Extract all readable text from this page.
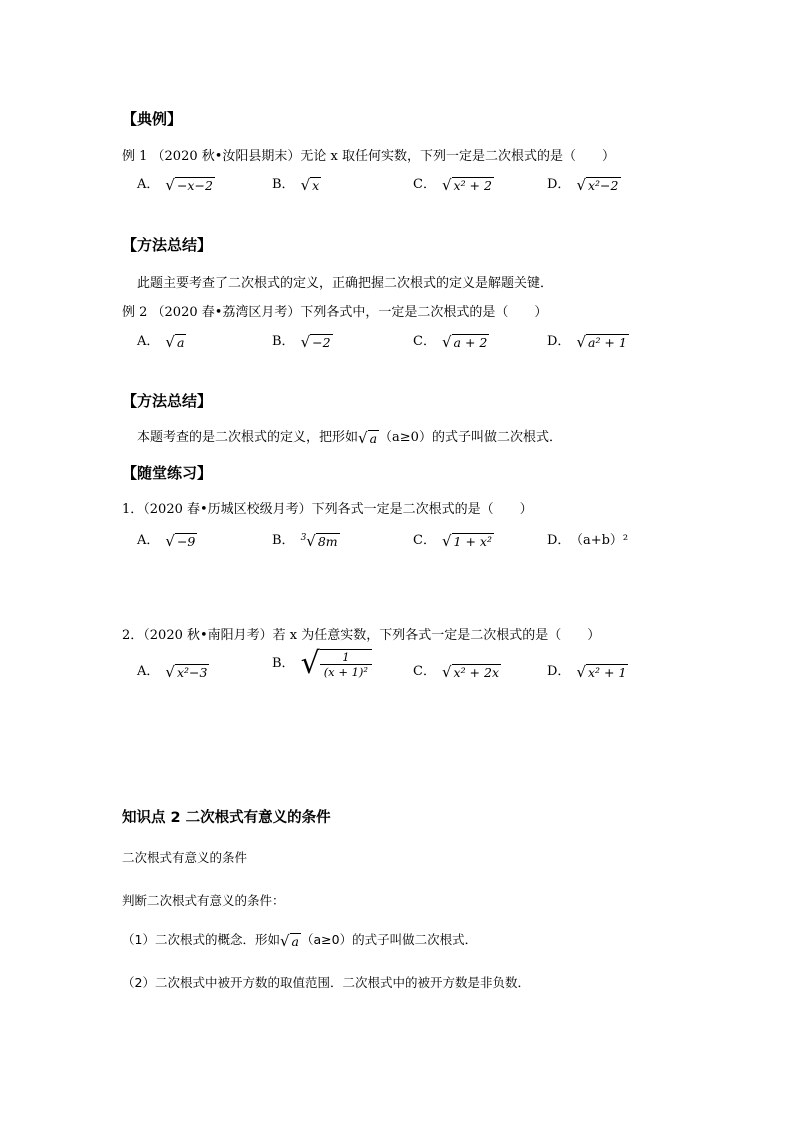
【典例】
例 1 （2020 秋•汝阳县期末）无论 x 取任何实数，下列一定是二次根式的是（　　）
A． √ −x−2	B． √ x	C． √ x² + 2	D． √ x²−2
【方法总结】
此题主要考查了二次根式的定义，正确把握二次根式的定义是解题关键．
例 2 （2020 春•荔湾区月考）下列各式中，一定是二次根式的是（　　）
A． √ a	B． √ −2	C． √ a + 2	D． √ a² + 1
【方法总结】
本题考查的是二次根式的定义，把形如√ a （a≥0）的式子叫做二次根式．
【随堂练习】
1．（2020 春•历城区校级月考）下列各式一定是二次根式的是（　　）
A． √ −9	B． $^3$√ 8m	C． √ 1 + x²	D． （a+b）²
2．（2020 秋•南阳月考）若 x 为任意实数，下列各式一定是二次根式的是（　　）
A． √ x²−3
B． √ $\frac{1}{\text{(x + 1)²}}$	C． √ x² + 2x	D． √ x² + 1
知识点 2 二次根式有意义的条件
二次根式有意义的条件
判断二次根式有意义的条件：
（1）二次根式的概念．形如√ a （a≥0）的式子叫做二次根式．
（2）二次根式中被开方数的取值范围．二次根式中的被开方数是非负数．
